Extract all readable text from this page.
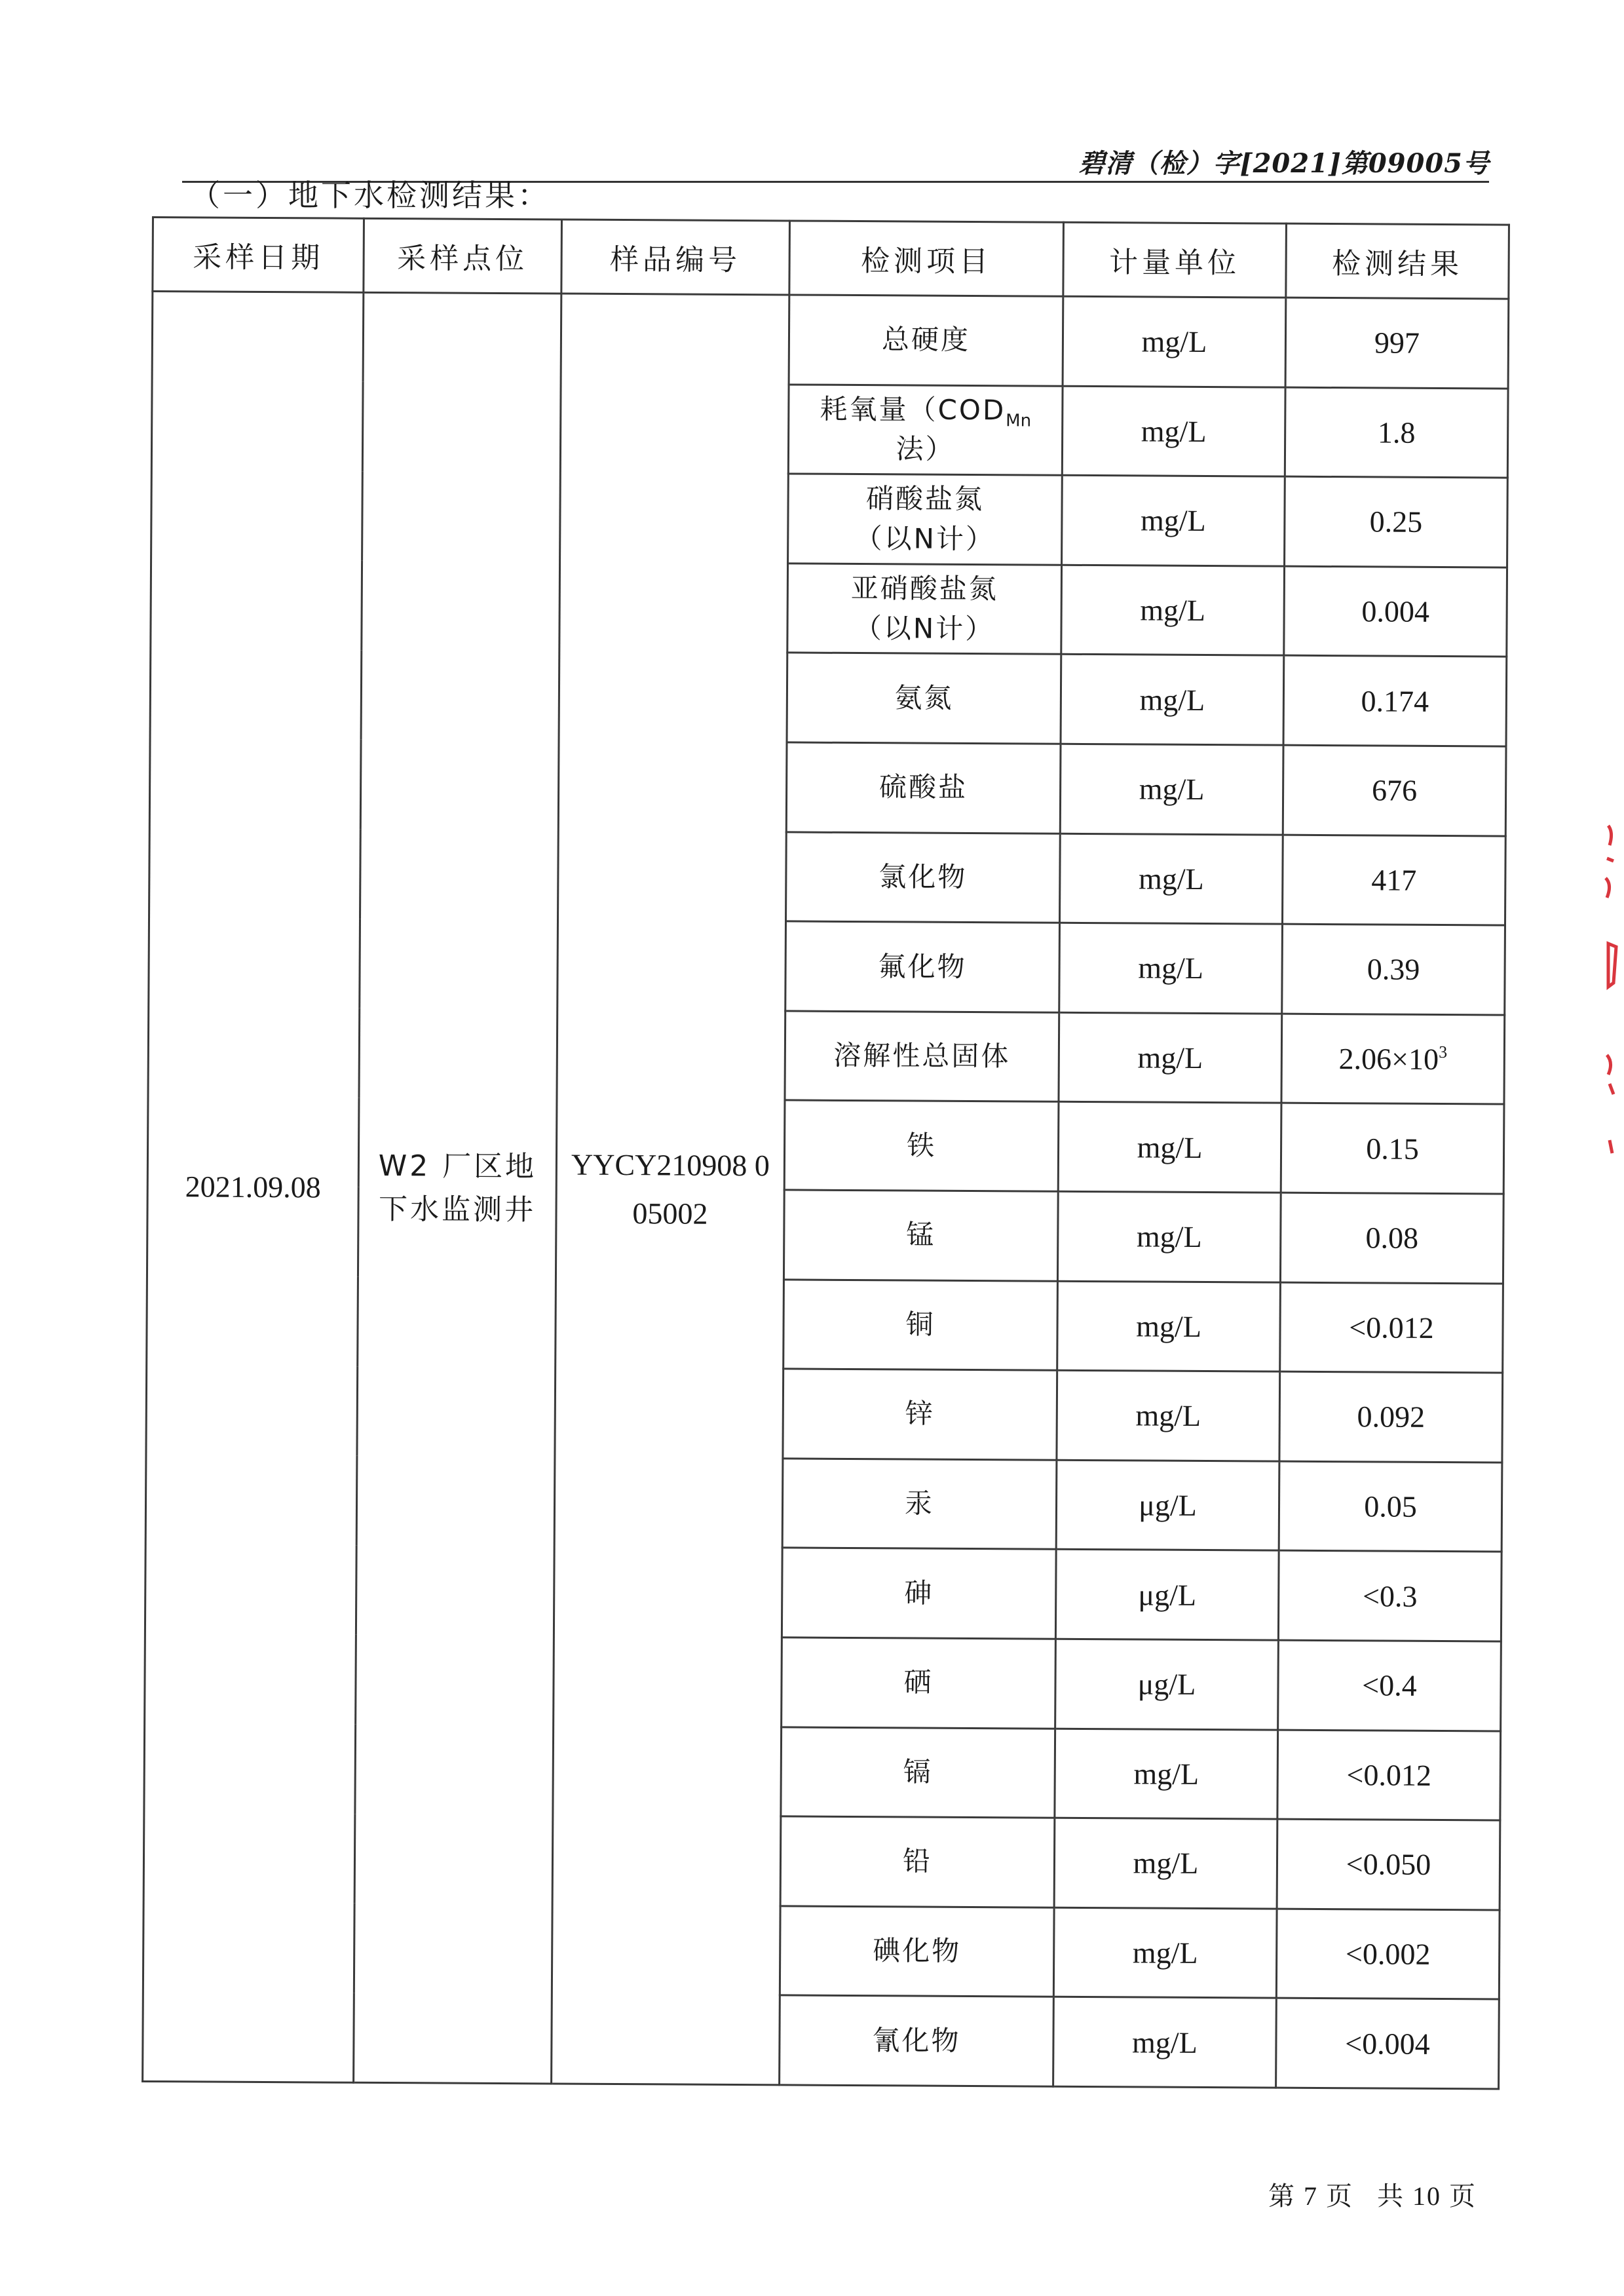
碧清（检）字[2021]第09005号
（一）地下水检测结果：
采样日期	采样点位	样品编号	检测项目	计量单位	检测结果
2021.09.08	W2 厂区地下水监测井	YYCY210908 005002	总硬度	mg/L	997
			耗氧量（$COD_{Mn}$法）	mg/L	1.8
			硝酸盐氮
（以N计）	mg/L	0.25
			亚硝酸盐氮
（以N计）	mg/L	0.004
			氨氮	mg/L	0.174
			硫酸盐	mg/L	676
			氯化物	mg/L	417
			氟化物	mg/L	0.39
			溶解性总固体	mg/L	$2.06\times 10^3$
			铁	mg/L	0.15
			锰	mg/L	0.08
			铜	mg/L	<0.012
			锌	mg/L	0.092
			汞	μg/L	0.05
			砷	μg/L	<0.3
			硒	μg/L	<0.4
			镉	mg/L	<0.012
			铅	mg/L	<0.050
			碘化物	mg/L	<0.002
			氰化物	mg/L	<0.004
第 7 页 共 10 页
